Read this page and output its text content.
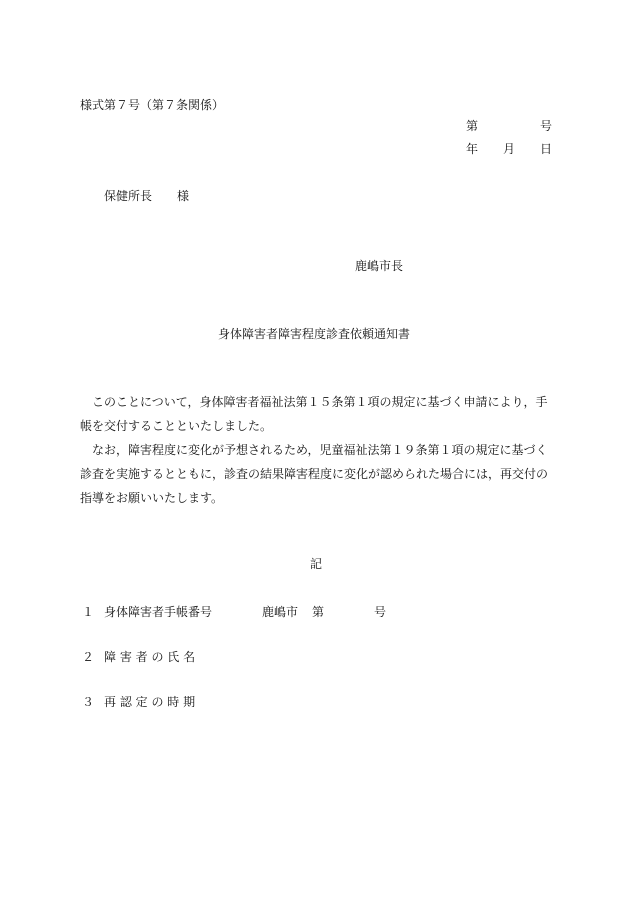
様式第７号（第７条関係）
第	号
年 月 日
保健所長 様
鹿嶋市長
身体障害者障害程度診査依頼通知書

このことについて，身体障害者福祉法第１５条第１項の規定に基づく申請により，手帳を交付することといたしました。

なお，障害程度に変化が予想されるため，児童福祉法第１９条第１項の規定に基づく診査を実施するとともに，診査の結果障害程度に変化が認められた場合には，再交付の指導をお願いいたします。

記
１ 身体障害者手帳番号	鹿嶋市 第	号
２ 障 害 者 の 氏 名
３ 再 認 定 の 時 期
